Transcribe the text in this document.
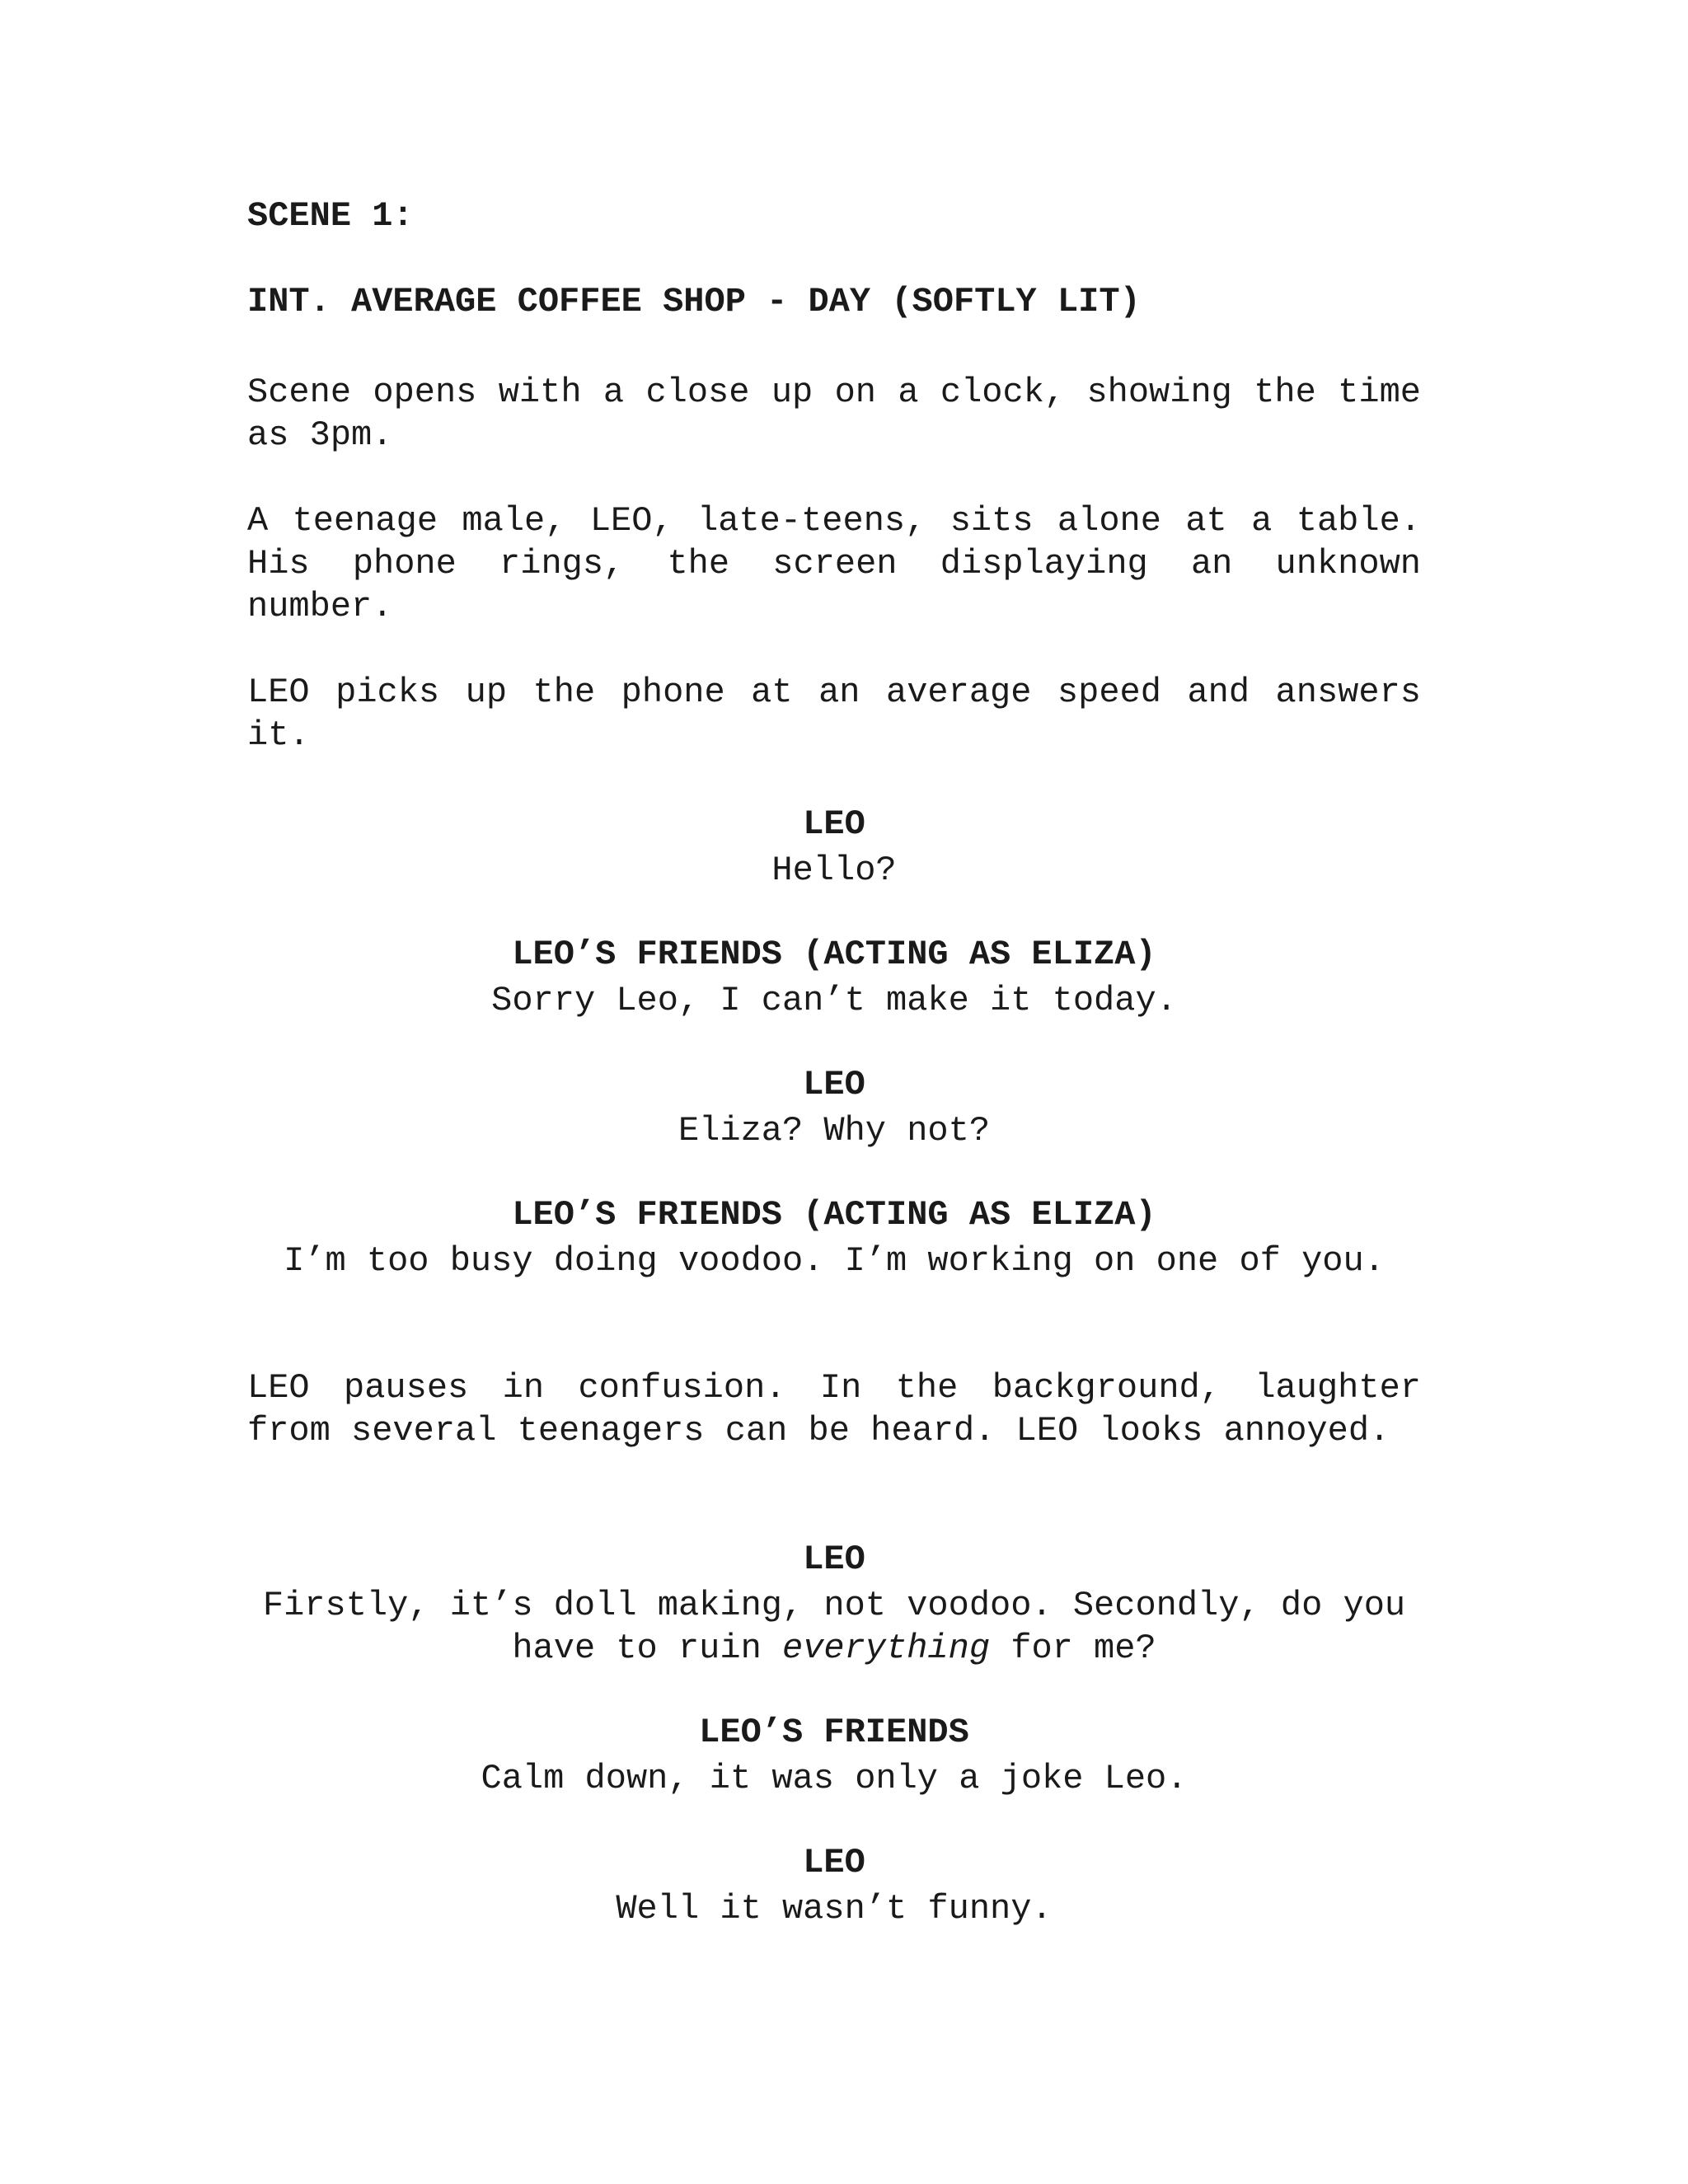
SCENE 1:
INT. AVERAGE COFFEE SHOP - DAY (SOFTLY LIT)
Scene opens with a close up on a clock, showing the time as 3pm.
A teenage male, LEO, late-teens, sits alone at a table. His phone rings, the screen displaying an unknown number.
LEO picks up the phone at an average speed and answers it.
LEO
Hello?
LEO’S FRIENDS (ACTING AS ELIZA)
Sorry Leo, I can’t make it today.
LEO
Eliza? Why not?
LEO’S FRIENDS (ACTING AS ELIZA)
I’m too busy doing voodoo. I’m working on one of you.
LEO pauses in confusion. In the background, laughter from several teenagers can be heard. LEO looks annoyed.
LEO
Firstly, it’s doll making, not voodoo. Secondly, do you have to ruin everything for me?
LEO’S FRIENDS
Calm down, it was only a joke Leo.
LEO
Well it wasn’t funny.
